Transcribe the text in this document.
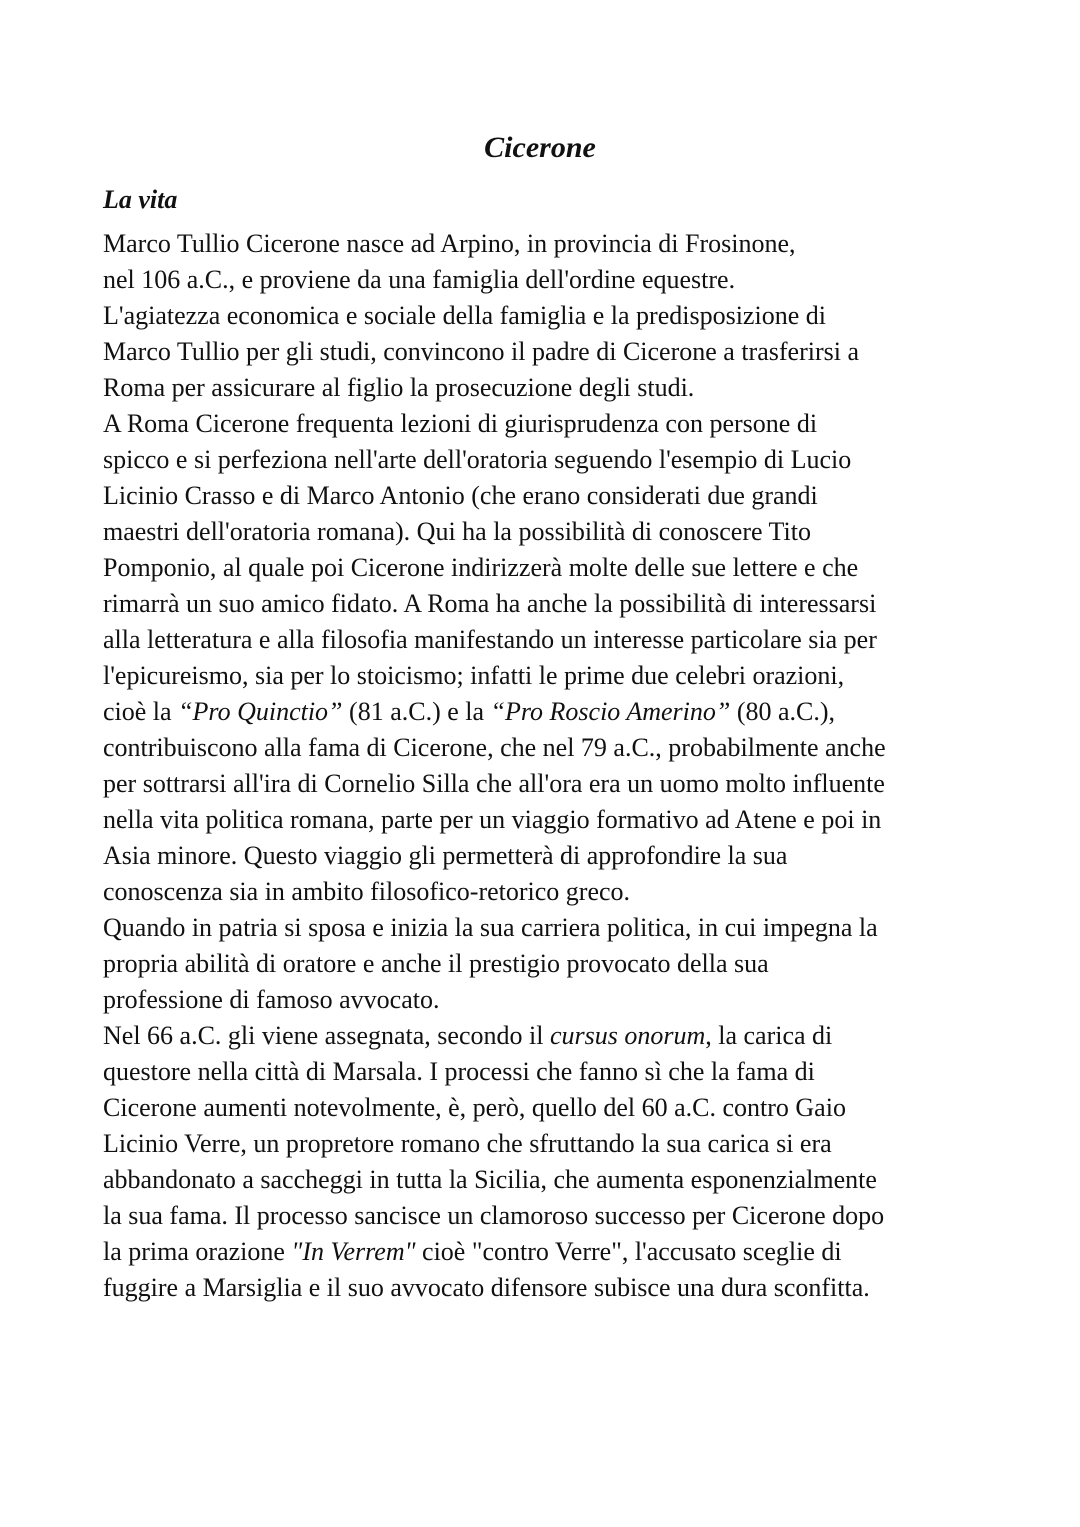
Cicerone
La vita
Marco Tullio Cicerone nasce ad Arpino, in provincia di Frosinone,
nel 106 a.C., e proviene da una famiglia dell'ordine equestre.
L'agiatezza economica e sociale della famiglia e la predisposizione di
Marco Tullio per gli studi, convincono il padre di Cicerone a trasferirsi a
Roma per assicurare al figlio la prosecuzione degli studi.
A Roma Cicerone frequenta lezioni di giurisprudenza con persone di
spicco e si perfeziona nell'arte dell'oratoria seguendo l'esempio di Lucio
Licinio Crasso e di Marco Antonio (che erano considerati due grandi
maestri dell'oratoria romana). Qui ha la possibilità di conoscere Tito
Pomponio, al quale poi Cicerone indirizzerà molte delle sue lettere e che
rimarrà un suo amico fidato. A Roma ha anche la possibilità di interessarsi
alla letteratura e alla filosofia manifestando un interesse particolare sia per
l'epicureismo, sia per lo stoicismo; infatti le prime due celebri orazioni,
cioè la “Pro Quinctio” (81 a.C.) e la “Pro Roscio Amerino” (80 a.C.),
contribuiscono alla fama di Cicerone, che nel 79 a.C., probabilmente anche
per sottrarsi all'ira di Cornelio Silla che all'ora era un uomo molto influente
nella vita politica romana, parte per un viaggio formativo ad Atene e poi in
Asia minore. Questo viaggio gli permetterà di approfondire la sua
conoscenza sia in ambito filosofico-retorico greco.
Quando in patria si sposa e inizia la sua carriera politica, in cui impegna la
propria abilità di oratore e anche il prestigio provocato della sua
professione di famoso avvocato.
Nel 66 a.C. gli viene assegnata, secondo il cursus onorum, la carica di
questore nella città di Marsala. I processi che fanno sì che la fama di
Cicerone aumenti notevolmente, è, però, quello del 60 a.C. contro Gaio
Licinio Verre, un propretore romano che sfruttando la sua carica si era
abbandonato a saccheggi in tutta la Sicilia, che aumenta esponenzialmente
la sua fama. Il processo sancisce un clamoroso successo per Cicerone dopo
la prima orazione "In Verrem" cioè "contro Verre", l'accusato sceglie di
fuggire a Marsiglia e il suo avvocato difensore subisce una dura sconfitta.
